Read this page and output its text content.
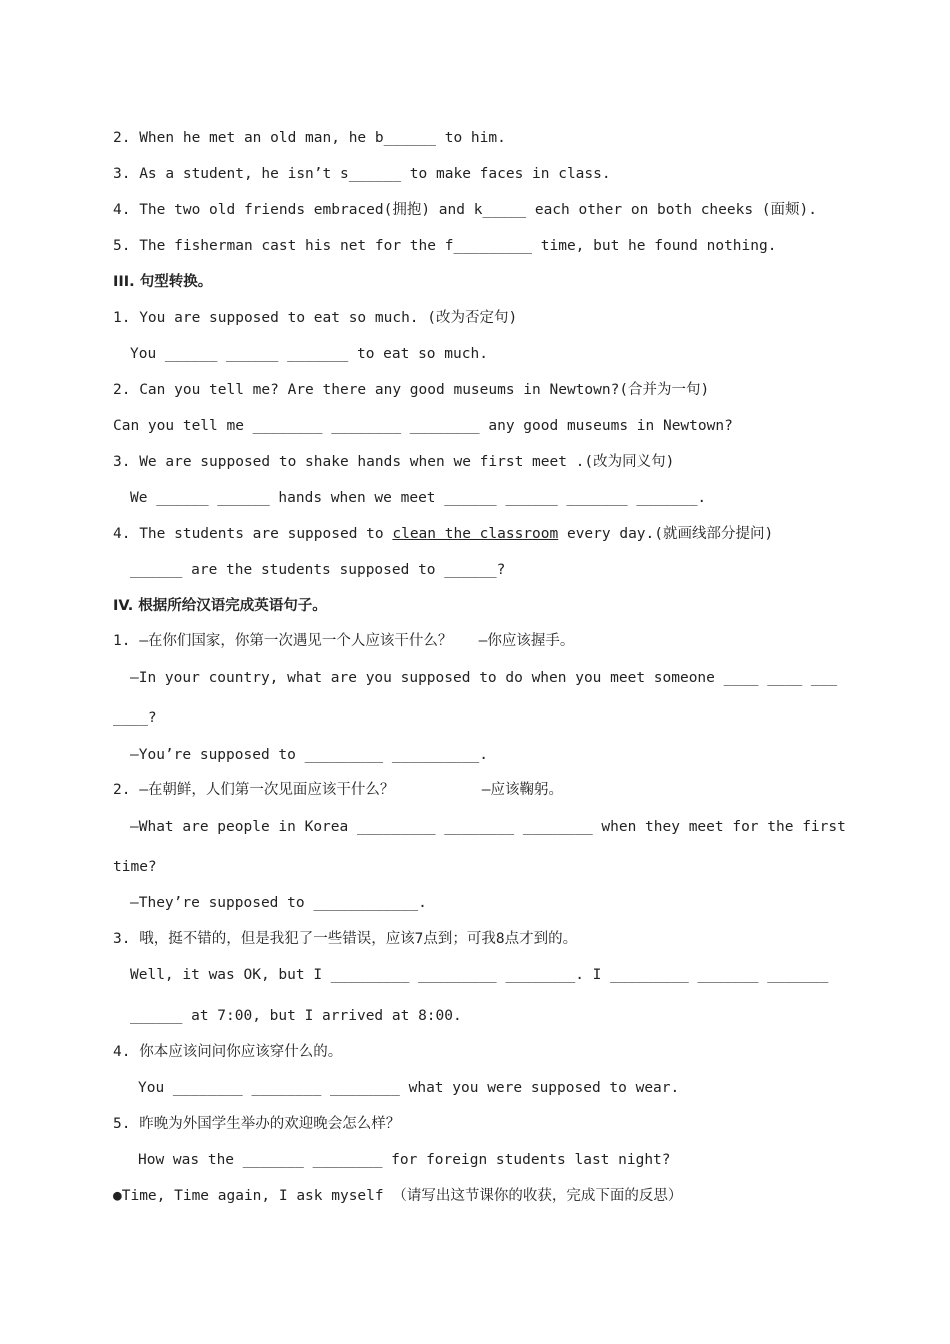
2. When he met an old man, he b______ to him.
3. As a student, he isn’t s______ to make faces in class.
4. The two old friends embraced(拥抱) and k_____ each other on both cheeks (面颊).
5. The fisherman cast his net for the f_________ time, but he found nothing.
III. 句型转换。
1. You are supposed to eat so much. (改为否定句)
You ______ ______ _______ to eat so much.
2. Can you tell me? Are there any good museums in Newtown?(合并为一句)
Can you tell me ________ ________ ________ any good museums in Newtown?
3. We are supposed to shake hands when we first meet .(改为同义句)
We ______ ______ hands when we meet ______ ______ _______ _______.
4. The students are supposed to clean the classroom every day.(就画线部分提问)
______ are the students supposed to ______?
IV. 根据所给汉语完成英语句子。
1. —在你们国家，你第一次遇见一个人应该干什么？   —你应该握手。
—In your country, what are you supposed to do when you meet someone ____ ____ ___
____?
—You’re supposed to _________ __________.
2. —在朝鲜，人们第一次见面应该干什么？          —应该鞠躬。
—What are people in Korea _________ ________ ________ when they meet for the first
time?
—They’re supposed to ____________.
3. 哦，挺不错的，但是我犯了一些错误，应该7点到；可我8点才到的。
Well, it was OK, but I _________ _________ ________. I _________ _______ _______
______ at 7:00, but I arrived at 8:00.
4. 你本应该问问你应该穿什么的。
You ________ ________ ________ what you were supposed to wear.
5. 昨晚为外国学生举办的欢迎晚会怎么样？
How was the _______ ________ for foreign students last night?
●Time, Time again, I ask myself （请写出这节课你的收获，完成下面的反思）
